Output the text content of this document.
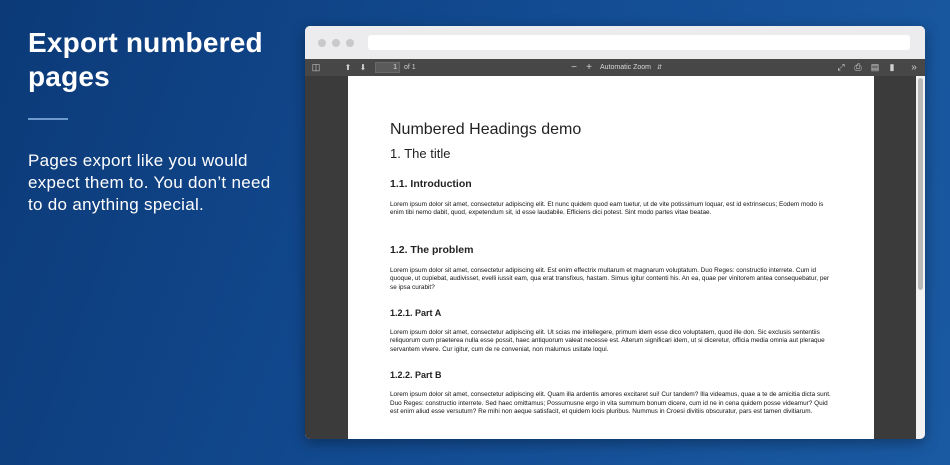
Export numbered pages
Pages export like you would expect them to. You don’t need to do anything special.
◫	⬆ ⬇	1	of 1	− + Automatic Zoom ⇵	⤢ ⎙ ▤ ▮	»
Numbered Headings demo
1. The title
1.1. Introduction
Lorem ipsum dolor sit amet, consectetur adipiscing elit. Et nunc quidem quod eam tuetur, ut de vite potissimum loquar, est id extrinsecus; Eodem modo is enim tibi nemo dabit, quod, expetendum sit, id esse laudabile. Efficiens dici potest. Sint modo partes vitae beatae.
1.2. The problem
Lorem ipsum dolor sit amet, consectetur adipiscing elit. Est enim effectrix multarum et magnarum voluptatum. Duo Reges: constructio interrete. Cum id quoque, ut cupiebat, audivisset, evelli iussit eam, qua erat transfixus, hastam. Simus igitur contenti his. An ea, quae per vinitorem antea consequebatur, per se ipsa curabit?
1.2.1. Part A
Lorem ipsum dolor sit amet, consectetur adipiscing elit. Ut scias me intellegere, primum idem esse dico voluptatem, quod ille don. Sic exclusis sententiis reliquorum cum praeterea nulla esse possit, haec antiquorum valeat necesse est. Alterum significari idem, ut si diceretur, officia media omnia aut pleraque servantem vivere. Cur igitur, cum de re conveniat, non malumus usitate loqui.
1.2.2. Part B
Lorem ipsum dolor sit amet, consectetur adipiscing elit. Quam illa ardentis amores excitaret sui! Cur tandem? Illa videamus, quae a te de amicitia dicta sunt. Duo Reges: constructio interrete. Sed haec omittamus; Possumusne ergo in vita summum bonum dicere, cum id ne in cena quidem posse videamur? Quid est enim aliud esse versutum? Re mihi non aeque satisfacit, et quidem locis pluribus. Nummus in Croesi divitiis obscuratur, pars est tamen divitiarum.
